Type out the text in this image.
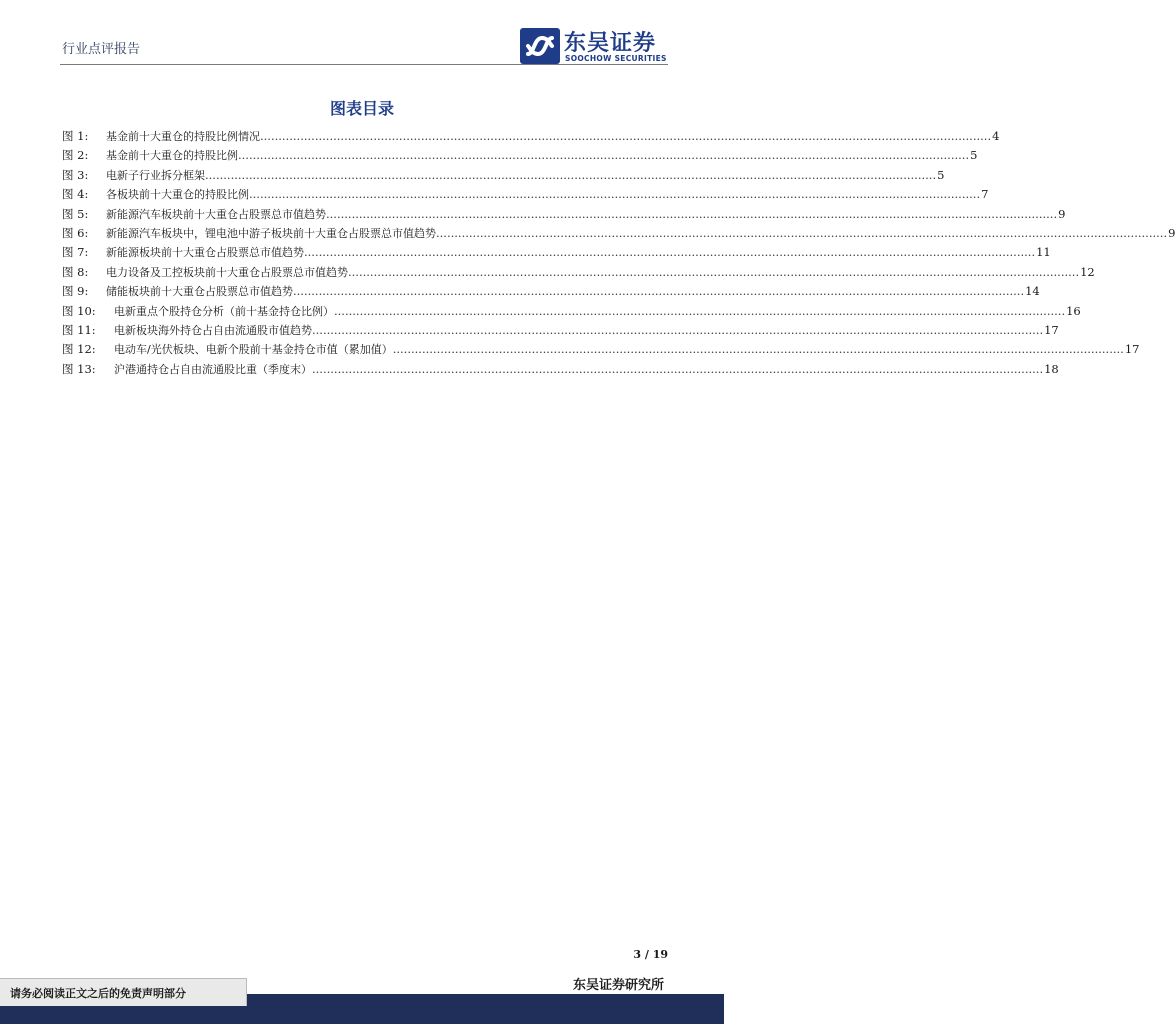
行业点评报告	东吴证券
SOOCHOW SECURITIES
图表目录
图 1:	基金前十大重仓的持股比例情况 ........................................................................................................................................................................................................ 4
图 2:	基金前十大重仓的持股比例 ........................................................................................................................................................................................................ 5
图 3:	电新子行业拆分框架 ........................................................................................................................................................................................................ 5
图 4:	各板块前十大重仓的持股比例 ........................................................................................................................................................................................................ 7
图 5:	新能源汽车板块前十大重仓占股票总市值趋势 ........................................................................................................................................................................................................ 9
图 6:	新能源汽车板块中，锂电池中游子板块前十大重仓占股票总市值趋势 ........................................................................................................................................................................................................ 9
图 7:	新能源板块前十大重仓占股票总市值趋势 ........................................................................................................................................................................................................ 11
图 8:	电力设备及工控板块前十大重仓占股票总市值趋势 ........................................................................................................................................................................................................ 12
图 9:	储能板块前十大重仓占股票总市值趋势 ........................................................................................................................................................................................................ 14
图 10:	电新重点个股持仓分析（前十基金持仓比例） ........................................................................................................................................................................................................ 16
图 11:	电新板块海外持仓占自由流通股市值趋势 ........................................................................................................................................................................................................ 17
图 12:	电动车/光伏板块、电新个股前十基金持仓市值（累加值） ........................................................................................................................................................................................................ 17
图 13:	沪港通持仓占自由流通股比重（季度末） ........................................................................................................................................................................................................ 18
3 / 19
东吴证券研究所
请务必阅读正文之后的免责声明部分
